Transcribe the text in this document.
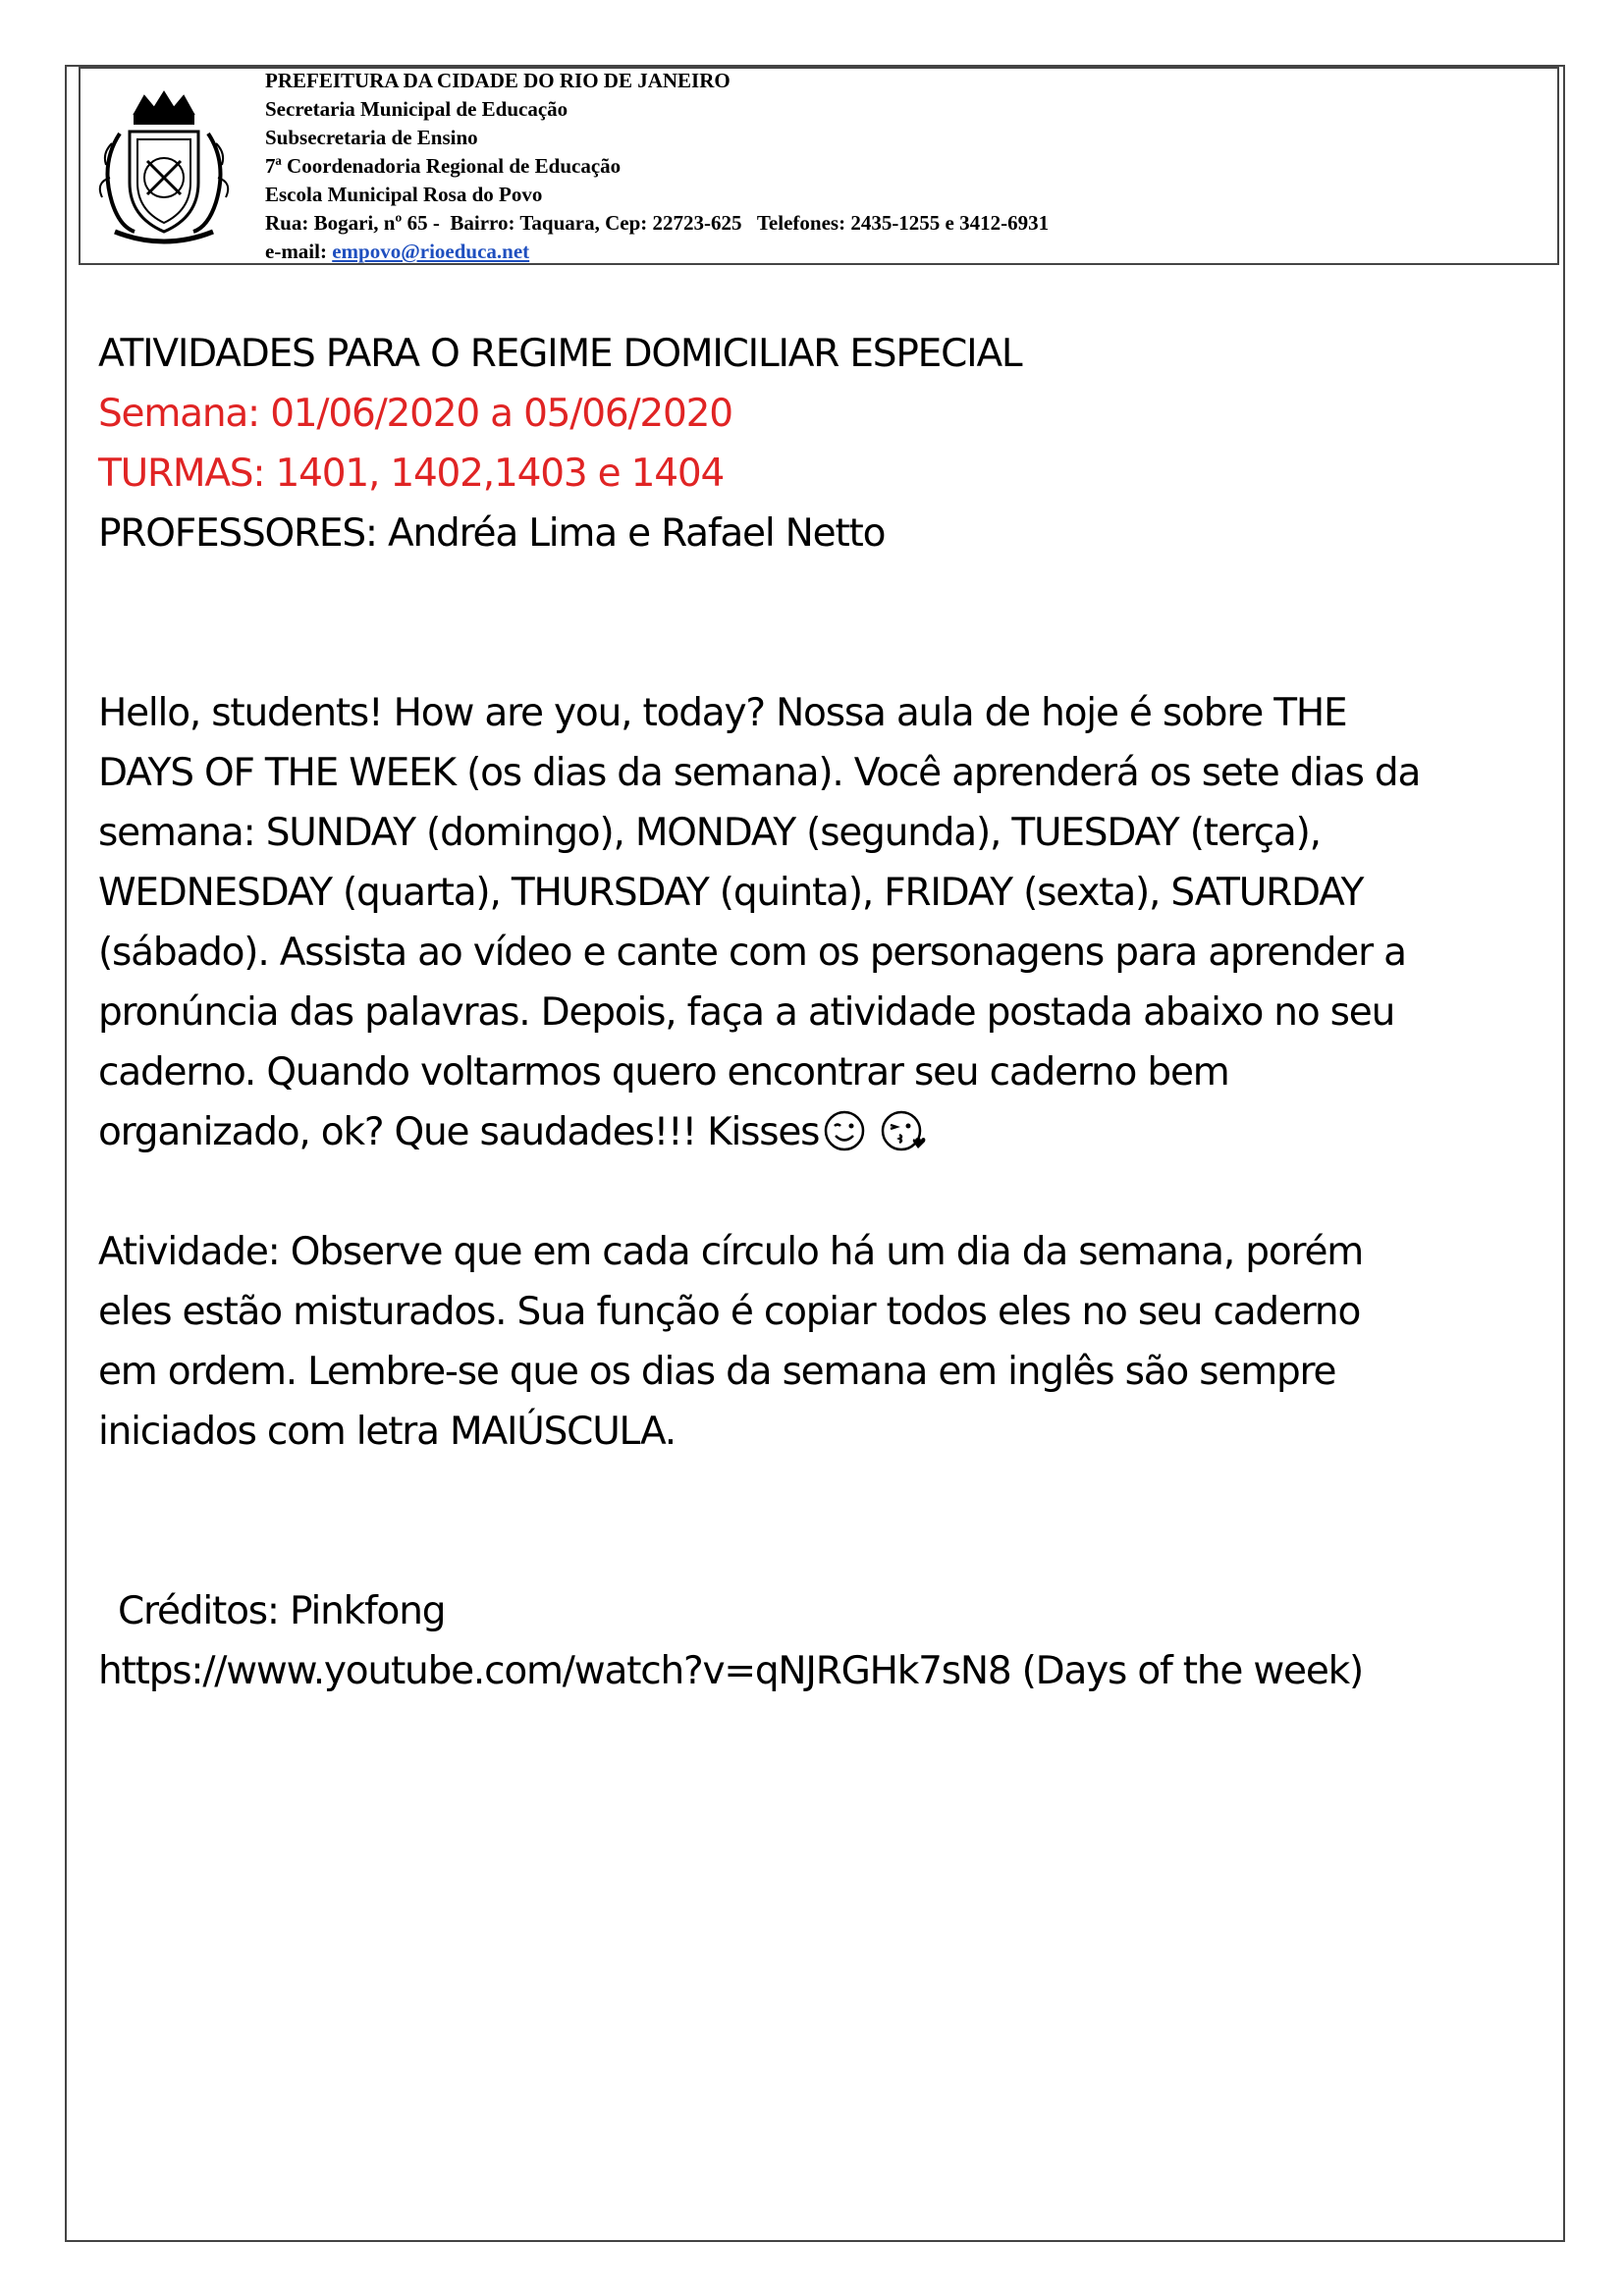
PREFEITURA DA CIDADE DO RIO DE JANEIRO
Secretaria Municipal de Educação
Subsecretaria de Ensino
7ª Coordenadoria Regional de Educação
Escola Municipal Rosa do Povo
Rua: Bogari, nº 65 -  Bairro: Taquara, Cep: 22723-625   Telefones: 2435-1255 e 3412-6931
e-mail: empovo@rioeduca.net
ATIVIDADES PARA O REGIME DOMICILIAR ESPECIAL
Semana: 01/06/2020 a 05/06/2020
TURMAS: 1401, 1402,1403 e 1404
PROFESSORES: Andréa Lima e Rafael Netto
Hello, students! How are you, today? Nossa aula de hoje é sobre THE
DAYS OF THE WEEK (os dias da semana). Você aprenderá os sete dias da
semana: SUNDAY (domingo), MONDAY (segunda), TUESDAY (terça),
WEDNESDAY (quarta), THURSDAY (quinta), FRIDAY (sexta), SATURDAY
(sábado). Assista ao vídeo e cante com os personagens para aprender a
pronúncia das palavras. Depois, faça a atividade postada abaixo no seu
caderno. Quando voltarmos quero encontrar seu caderno bem
organizado, ok? Que saudades!!! Kisses
Atividade: Observe que em cada círculo há um dia da semana, porém
eles estão misturados. Sua função é copiar todos eles no seu caderno
em ordem. Lembre-se que os dias da semana em inglês são sempre
iniciados com letra MAIÚSCULA.
Créditos: Pinkfong
https://www.youtube.com/watch?v=qNJRGHk7sN8 (Days of the week)
